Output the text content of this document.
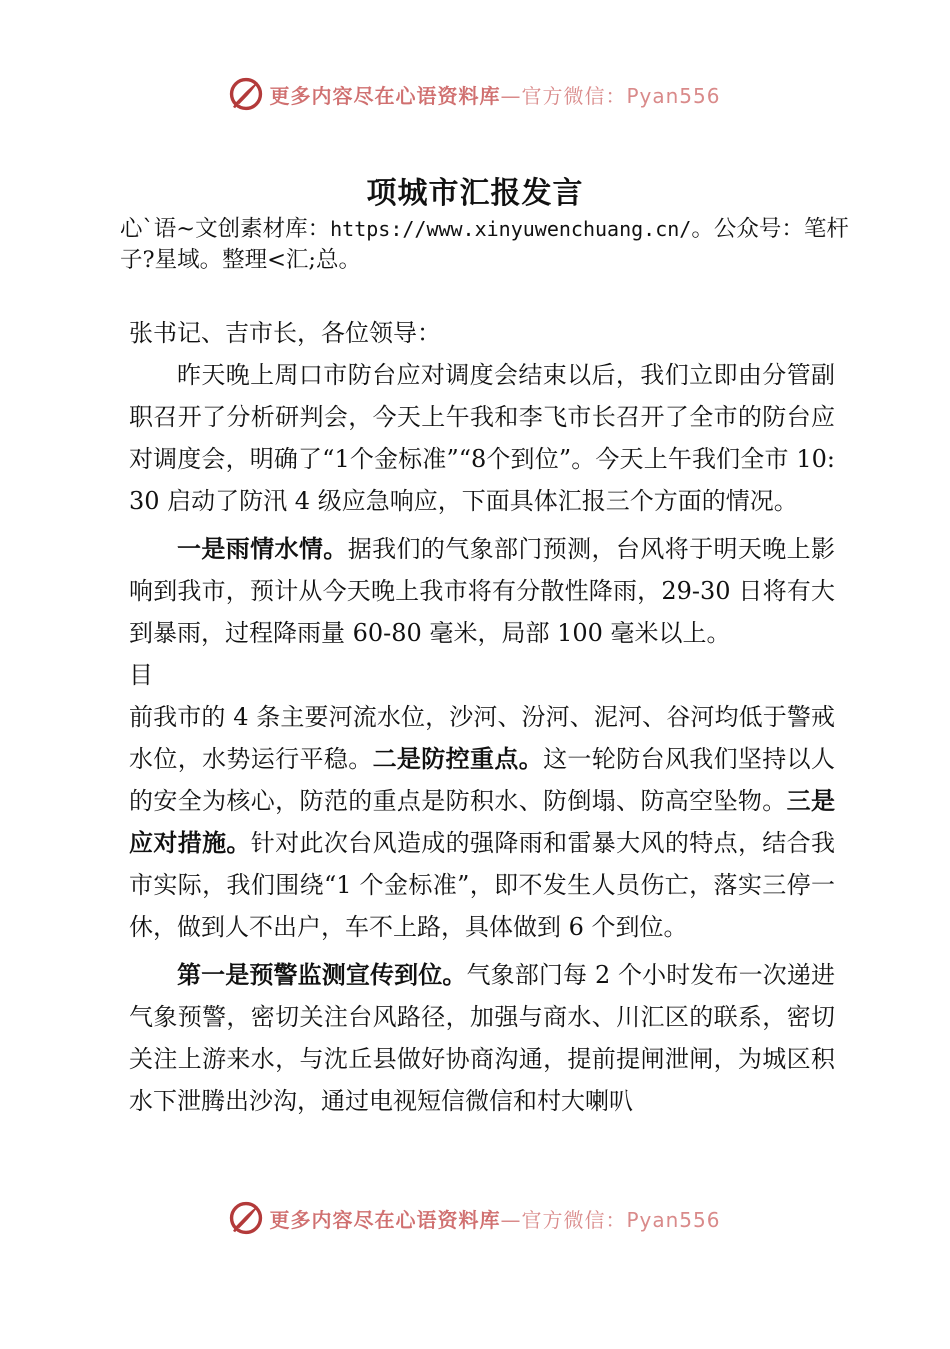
更多内容尽在心语资料库—官方微信：Pyan556
项城市汇报发言
心`语~文创素材库：https://www.xinyuwenchuang.cn/。公众号：笔杆子?星域。整理<汇;总。

张书记、吉市长，各位领导：

昨天晚上周口市防台应对调度会结束以后，我们立即由分管副职召开了分析研判会，今天上午我和李飞市长召开了全市的防台应对调度会，明确了“1个金标准”“8个到位”。今天上午我们全市 10:30 启动了防汛 4 级应急响应，下面具体汇报三个方面的情况。

一是雨情水情。据我们的气象部门预测，台风将于明天晚上影响到我市，预计从今天晚上我市将有分散性降雨，29-30 日将有大到暴雨，过程降雨量 60-80 毫米，局部 100 毫米以上。

目

前我市的 4 条主要河流水位，沙河、汾河、泥河、谷河均低于警戒水位，水势运行平稳。二是防控重点。这一轮防台风我们坚持以人的安全为核心，防范的重点是防积水、防倒塌、防高空坠物。三是应对措施。针对此次台风造成的强降雨和雷暴大风的特点，结合我市实际，我们围绕“1 个金标准”，即不发生人员伤亡，落实三停一休，做到人不出户，车不上路，具体做到 6 个到位。

第一是预警监测宣传到位。气象部门每 2 个小时发布一次递进气象预警，密切关注台风路径，加强与商水、川汇区的联系，密切关注上游来水，与沈丘县做好协商沟通，提前提闸泄闸，为城区积水下泄腾出沙沟，通过电视短信微信和村大喇叭

更多内容尽在心语资料库—官方微信：Pyan556
